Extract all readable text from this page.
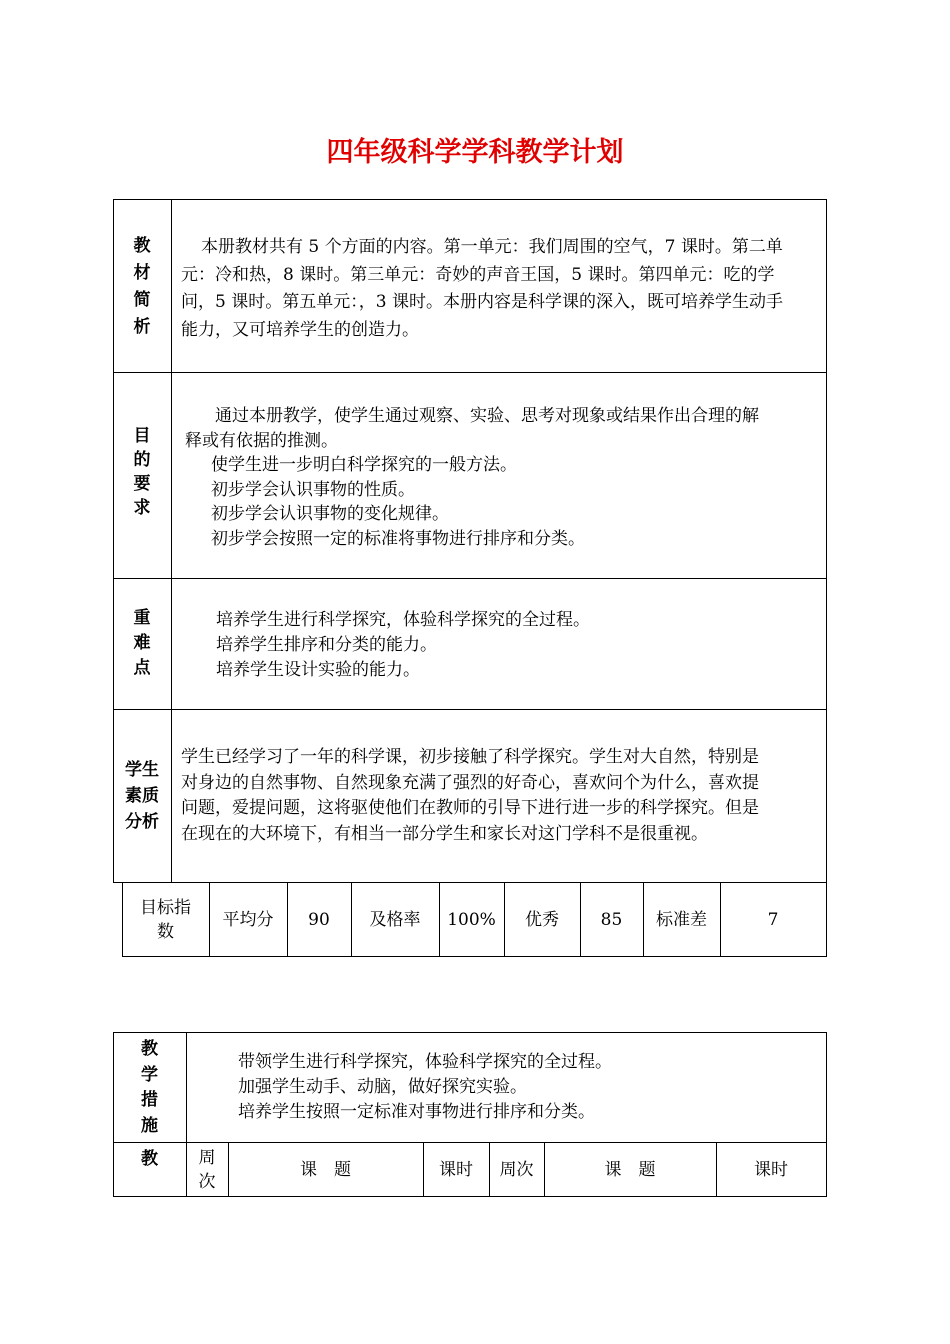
四年级科学学科教学计划
教
材
简
析
本册教材共有 5 个方面的内容。第一单元：我们周围的空气，7 课时。第二单
元：冷和热，8 课时。第三单元：奇妙的声音王国，5 课时。第四单元：吃的学
问，5 课时。第五单元：，3 课时。本册内容是科学课的深入，既可培养学生动手
能力，又可培养学生的创造力。
目
的
要
求
通过本册教学，使学生通过观察、实验、思考对现象或结果作出合理的解
释或有依据的推测。
使学生进一步明白科学探究的一般方法。
初步学会认识事物的性质。
初步学会认识事物的变化规律。
初步学会按照一定的标准将事物进行排序和分类。
重
难
点
培养学生进行科学探究，体验科学探究的全过程。
培养学生排序和分类的能力。
培养学生设计实验的能力。
学生
素质
分析
学生已经学习了一年的科学课，初步接触了科学探究。学生对大自然，特别是
对身边的自然事物、自然现象充满了强烈的好奇心，喜欢问个为什么，喜欢提
问题，爱提问题，这将驱使他们在教师的引导下进行进一步的科学探究。但是
在现在的大环境下，有相当一部分学生和家长对这门学科不是很重视。
目标指
数
平均分	90	及格率	100%	优秀	85	标准差	7
教
学
措
施
带领学生进行科学探究，体验科学探究的全过程。
加强学生动手、动脑，做好探究实验。
培养学生按照一定标准对事物进行排序和分类。
教	周
次
课　题	课时	周次	课　题	课时
